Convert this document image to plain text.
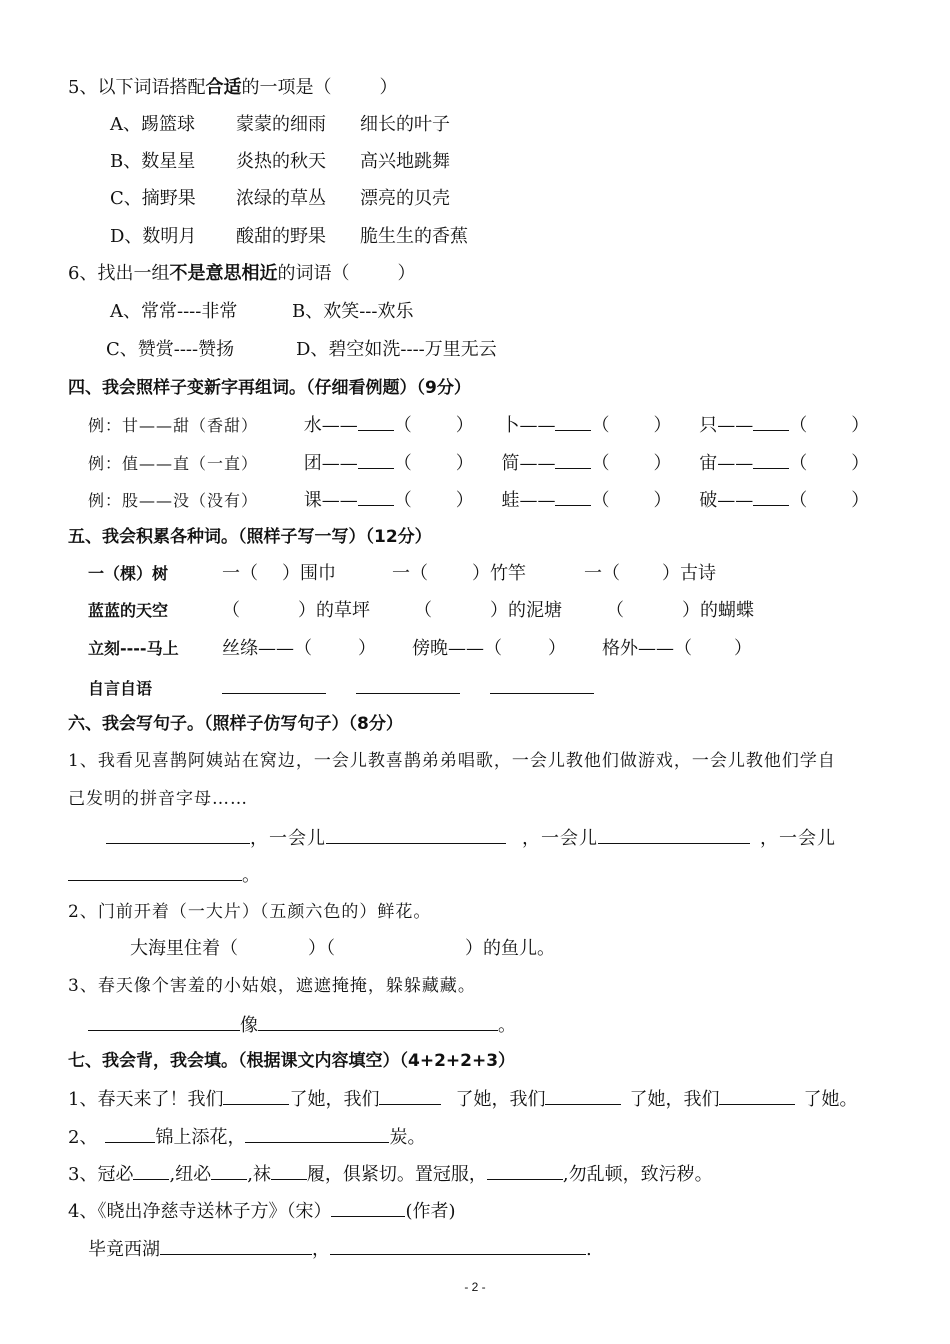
5、以下词语搭配合适的一项是（	）
A、踢篮球 蒙蒙的细雨 细长的叶子
B、数星星 炎热的秋天 高兴地跳舞
C、摘野果 浓绿的草丛 漂亮的贝壳
D、数明月 酸甜的野果 脆生生的香蕉
6、找出一组不是意思相近的词语（	）
A、常常----非常	B、欢笑---欢乐
C、赞赏----赞扬	D、碧空如洗----万里无云
四、我会照样子变新字再组词。（仔细看例题）（9分）
例：甘——甜（香甜）	水—— （ ） 卜—— （ ） 只—— （ ）
例：值——直（一直）	团—— （ ） 简—— （ ） 宙—— （ ）
例：股——没（没有）	课—— （ ） 蛙—— （ ） 破—— （ ）
五、我会积累各种词。（照样子写一写）（12分）
一（棵）树	一（ ）围巾	一（ ）竹竿	一（ ）古诗
蓝蓝的天空	（	）的草坪 （	）的泥塘 （	）的蝴蝶
立刻----马上 丝绦——（	） 傍晚——（	） 格外——（ ）
自言自语
六、我会写句子。（照样子仿写句子）（8分）
1、我看见喜鹊阿姨站在窝边，一会儿教喜鹊弟弟唱歌，一会儿教他们做游戏，一会儿教他们学自
己发明的拼音字母……
，一会儿	，一会儿	，一会儿
。
2、门前开着（一大片）（五颜六色的）鲜花。
大海里住着（	）（	）的鱼儿。
3、春天像个害羞的小姑娘，遮遮掩掩，躲躲藏藏。
像	。
七、我会背，我会填。（根据课文内容填空）（4+2+2+3）
1、春天来了！我们	了她，我们	了她，我们	了她，我们	了她。
2、	锦上添花，	炭。
3、冠必 ,纽必 ,袜 履，俱紧切。置冠服，	,勿乱顿，致污秽。
4、《晓出净慈寺送林子方》（宋）	(作者)
毕竟西湖	，	.
- 2 -
